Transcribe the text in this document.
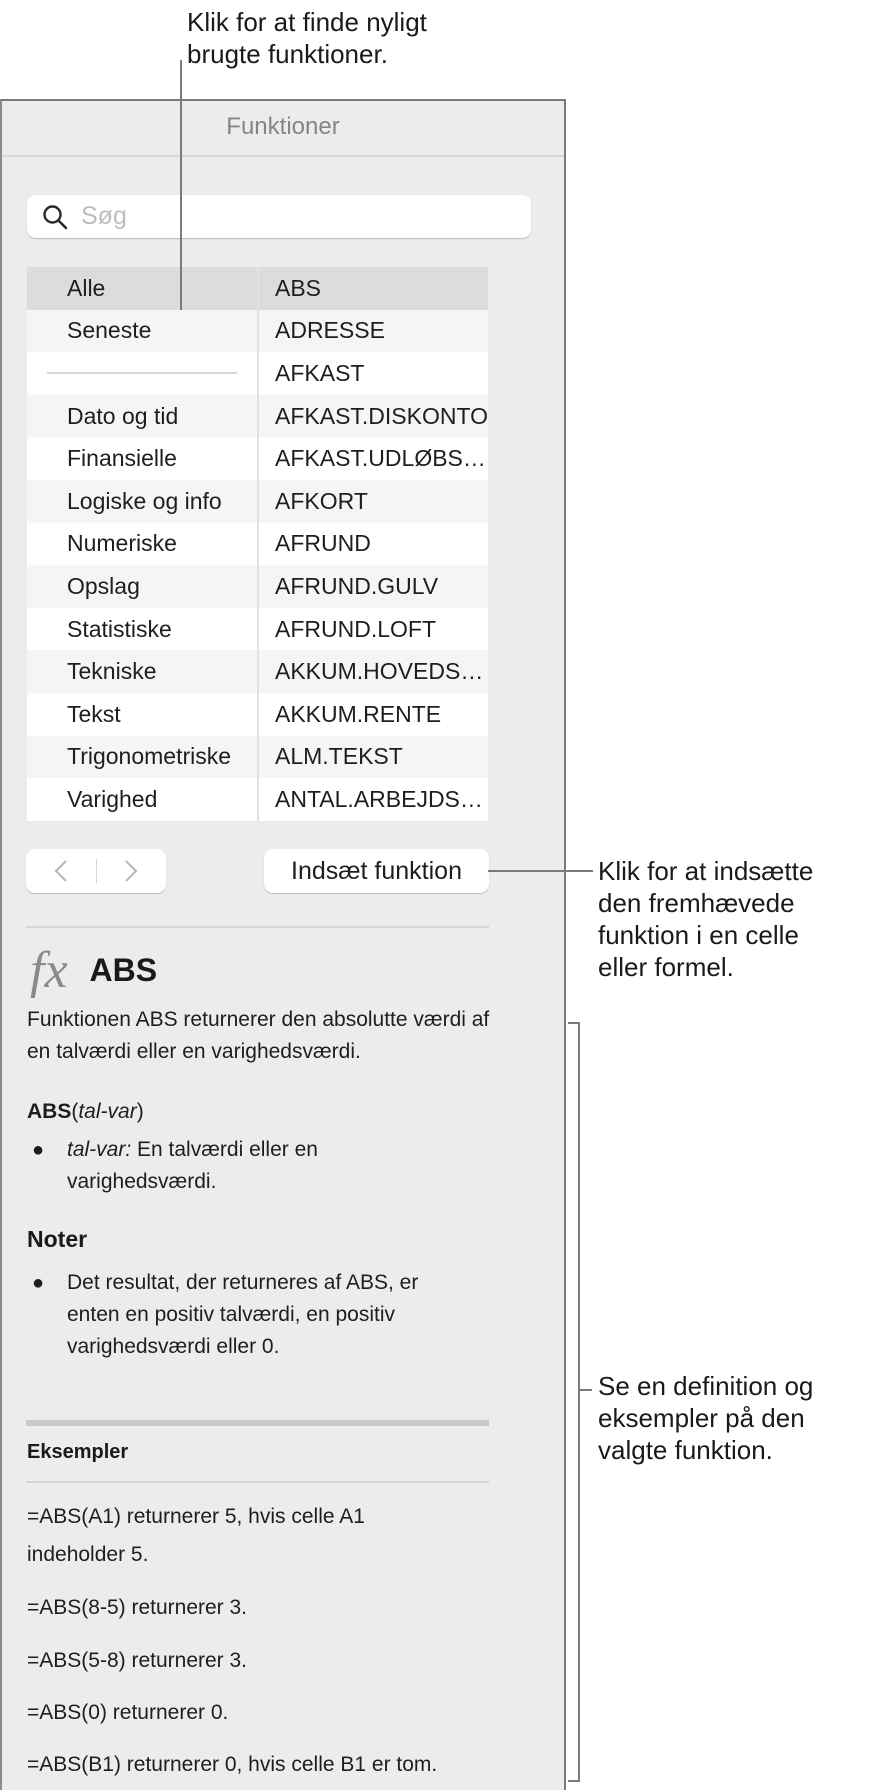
Klik for at finde nyligt
brugte funktioner.
Funktioner
Søg
Alle
Seneste
Dato og tid
Finansielle
Logiske og info
Numeriske
Opslag
Statistiske
Tekniske
Tekst
Trigonometriske
Varighed
ABS
ADRESSE
AFKAST
AFKAST.DISKONTO
AFKAST.UDLØBS…
AFKORT
AFRUND
AFRUND.GULV
AFRUND.LOFT
AKKUM.HOVEDS…
AKKUM.RENTE
ALM.TEKST
ANTAL.ARBEJDS…
Indsæt funktion
fx ABS
Funktionen ABS returnerer den absolutte værdi af en talværdi eller en varighedsværdi.
ABS(tal-var)
●	tal-var: En talværdi eller en varighedsværdi.
Noter
●	Det resultat, der returneres af ABS, er enten en positiv talværdi, en positiv varighedsværdi eller 0.
Eksempler
=ABS(A1) returnerer 5, hvis celle A1 indeholder 5.
=ABS(8-5) returnerer 3.
=ABS(5-8) returnerer 3.
=ABS(0) returnerer 0.
=ABS(B1) returnerer 0, hvis celle B1 er tom.
Klik for at indsætte
den fremhævede
funktion i en celle
eller formel.
Se en definition og
eksempler på den
valgte funktion.
